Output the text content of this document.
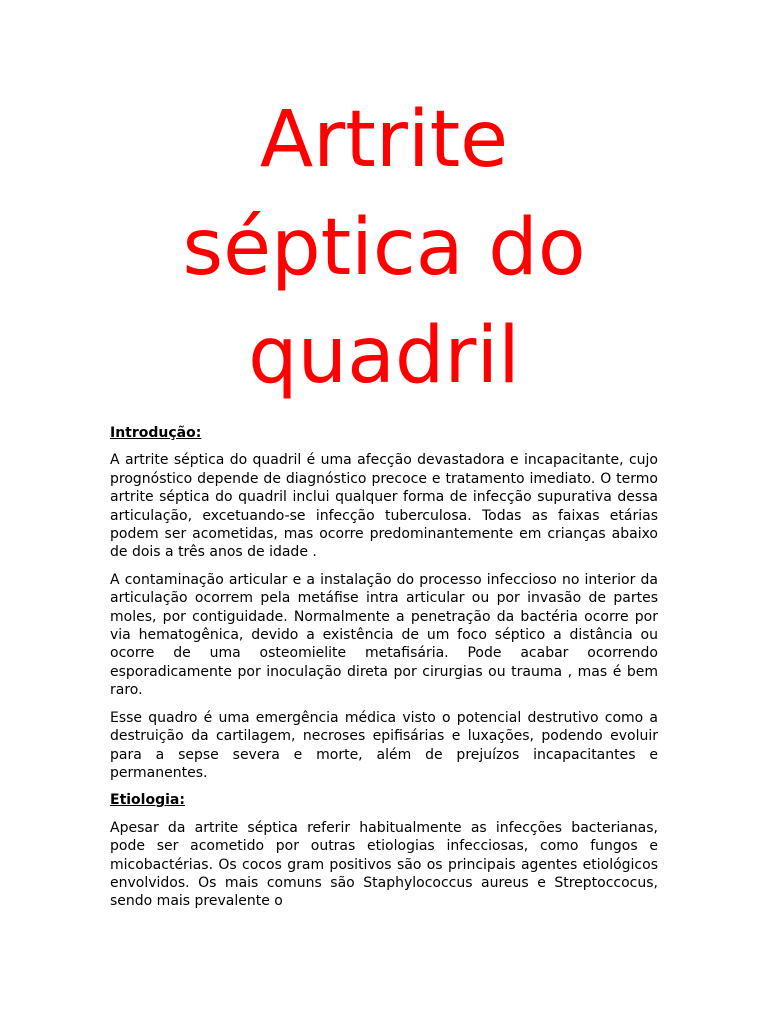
Artrite séptica do quadril

Introdução:

A artrite séptica do quadril é uma afecção devastadora e incapacitante, cujo prognóstico depende de diagnóstico precoce e tratamento imediato. O termo artrite séptica do quadril inclui qualquer forma de infecção supurativa dessa articulação, excetuando-se infecção tuberculosa. Todas as faixas etárias podem ser acometidas, mas ocorre predominantemente em crianças abaixo de dois a três anos de idade .

A contaminação articular e a instalação do processo infeccioso no interior da articulação ocorrem pela metáfise intra articular ou por invasão de partes moles, por contiguidade. Normalmente a penetração da bactéria ocorre por via hematogênica, devido a existência de um foco séptico a distância ou ocorre de uma osteomielite metafisária. Pode acabar ocorrendo esporadicamente por inoculação direta por cirurgias ou trauma , mas é bem raro.

Esse quadro é uma emergência médica visto o potencial destrutivo como a destruição da cartilagem, necroses epifisárias e luxações, podendo evoluir para a sepse severa e morte, além de prejuízos incapacitantes e permanentes.

Etiologia:

Apesar da artrite séptica referir habitualmente as infecções bacterianas, pode ser acometido por outras etiologias infecciosas, como fungos e micobactérias. Os cocos gram positivos são os principais agentes etiológicos envolvidos. Os mais comuns são Staphylococcus aureus e Streptoccocus, sendo mais prevalente o
